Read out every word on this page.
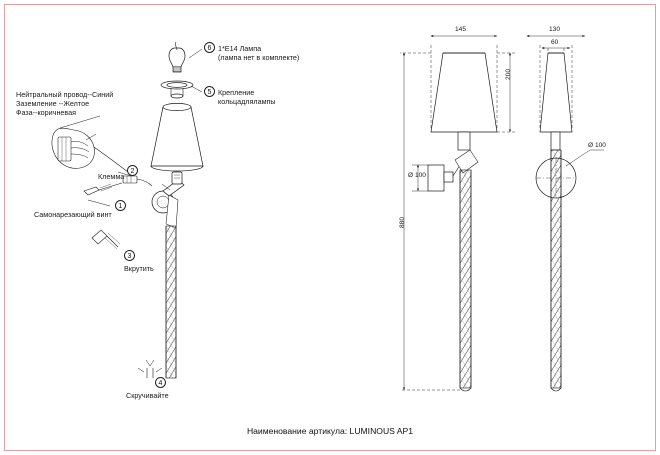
Нейтральный провод--Синий
Заземление --Желтое
Фаза--коричневая
Клемма
Самонарезающий винт
Вкрутить
Скручивайте
Крепление
кольцадлялампы
1*E14 Лампа
(лампа нет в комплекте)
1
2
3
4
5
6
145	130
60
200
880
Ø 100
Ø 100
Наименование артикула: LUMINOUS AP1
